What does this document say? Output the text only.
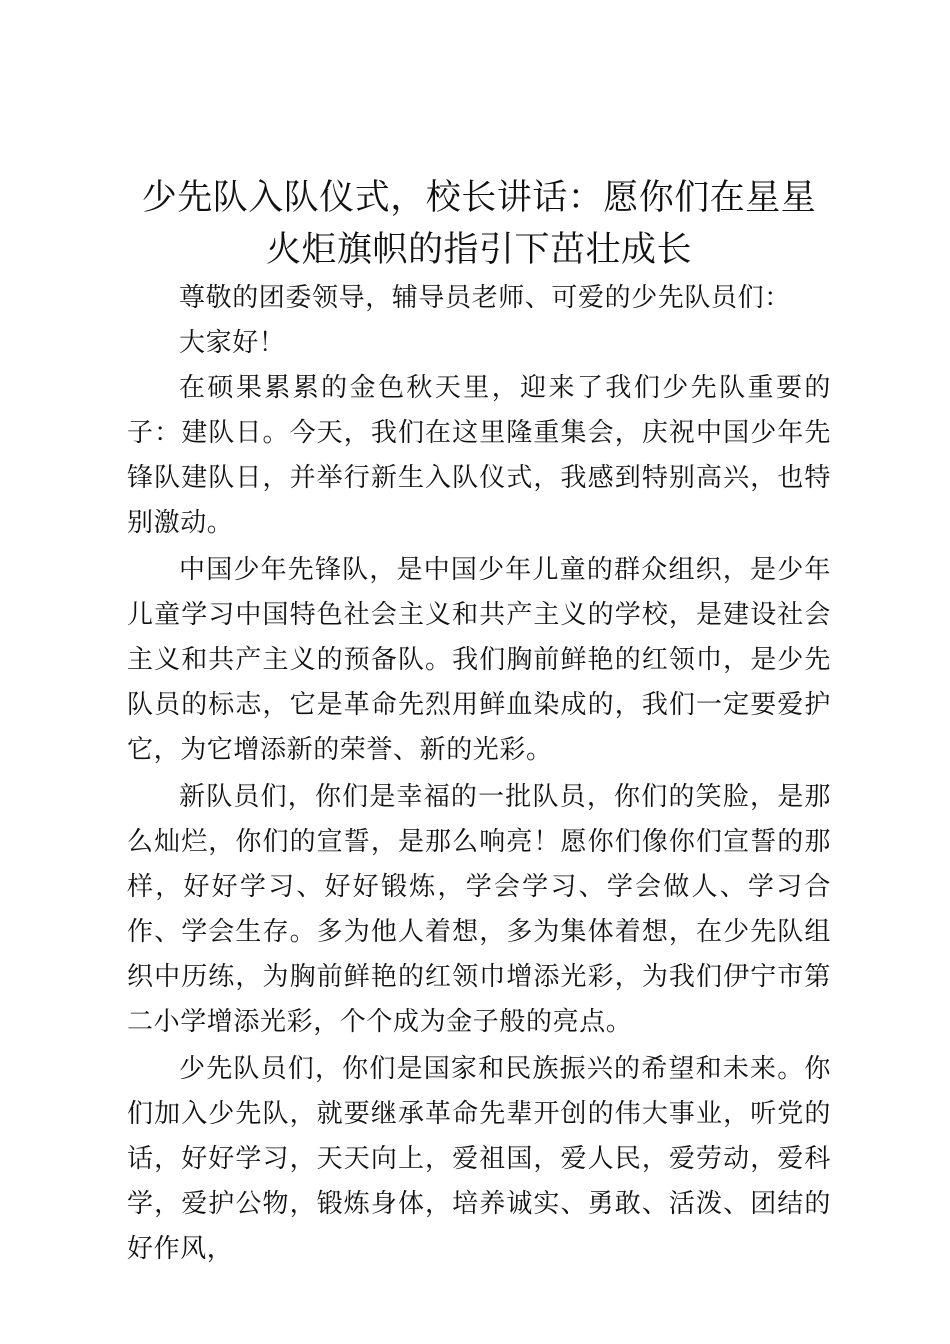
少先队入队仪式，校长讲话：愿你们在星星火炬旗帜的指引下茁壮成长

尊敬的团委领导，辅导员老师、可爱的少先队员们：

大家好！

在硕果累累的金色秋天里，迎来了我们少先队重要的子：建队日。今天，我们在这里隆重集会，庆祝中国少年先锋队建队日，并举行新生入队仪式，我感到特别高兴，也特别激动。

中国少年先锋队，是中国少年儿童的群众组织，是少年儿童学习中国特色社会主义和共产主义的学校，是建设社会主义和共产主义的预备队。我们胸前鲜艳的红领巾，是少先队员的标志，它是革命先烈用鲜血染成的，我们一定要爱护它，为它增添新的荣誉、新的光彩。

新队员们，你们是幸福的一批队员，你们的笑脸，是那么灿烂，你们的宣誓，是那么响亮！愿你们像你们宣誓的那样，好好学习、好好锻炼，学会学习、学会做人、学习合作、学会生存。多为他人着想，多为集体着想，在少先队组织中历练，为胸前鲜艳的红领巾增添光彩，为我们伊宁市第二小学增添光彩，个个成为金子般的亮点。

少先队员们，你们是国家和民族振兴的希望和未来。你们加入少先队，就要继承革命先辈开创的伟大事业，听党的话，好好学习，天天向上，爱祖国，爱人民，爱劳动，爱科学，爱护公物，锻炼身体，培养诚实、勇敢、活泼、团结的好作风，
